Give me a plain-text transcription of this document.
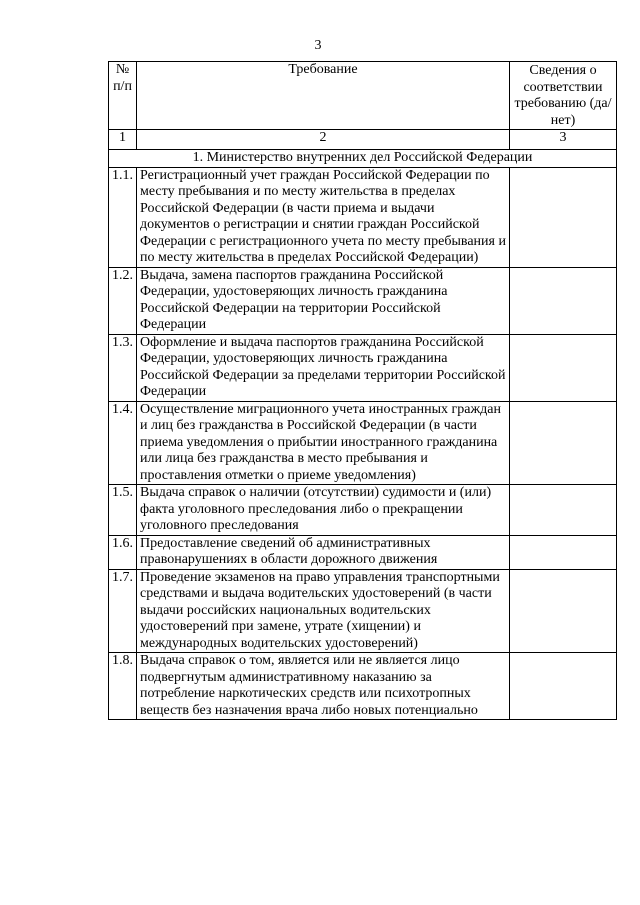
3
№ п/п	Требование	Сведения о соответствии требованию (да/нет)
1	2	3
1. Министерство внутренних дел Российской Федерации		
1.1.	Регистрационный учет граждан Российской Федерации по месту пребывания и по месту жительства в пределах Российской Федерации (в части приема и выдачи документов о регистрации и снятии граждан Российской Федерации с регистрационного учета по месту пребывания и по месту жительства в пределах Российской Федерации)	
1.2.	Выдача, замена паспортов гражданина Российской Федерации, удостоверяющих личность гражданина Российской Федерации на территории Российской Федерации	
1.3.	Оформление и выдача паспортов гражданина Российской Федерации, удостоверяющих личность гражданина Российской Федерации за пределами территории Российской Федерации	
1.4.	Осуществление миграционного учета иностранных граждан и лиц без гражданства в Российской Федерации (в части приема уведомления о прибытии иностранного гражданина или лица без гражданства в место пребывания и проставления отметки о приеме уведомления)	
1.5.	Выдача справок о наличии (отсутствии) судимости и (или) факта уголовного преследования либо о прекращении уголовного преследования	
1.6.	Предоставление сведений об административных правонарушениях в области дорожного движения	
1.7.	Проведение экзаменов на право управления транспортными средствами и выдача водительских удостоверений (в части выдачи российских национальных водительских удостоверений при замене, утрате (хищении) и международных водительских удостоверений)	
1.8.	Выдача справок о том, является или не является лицо подвергнутым административному наказанию за потребление наркотических средств или психотропных веществ без назначения врача либо новых потенциально	
